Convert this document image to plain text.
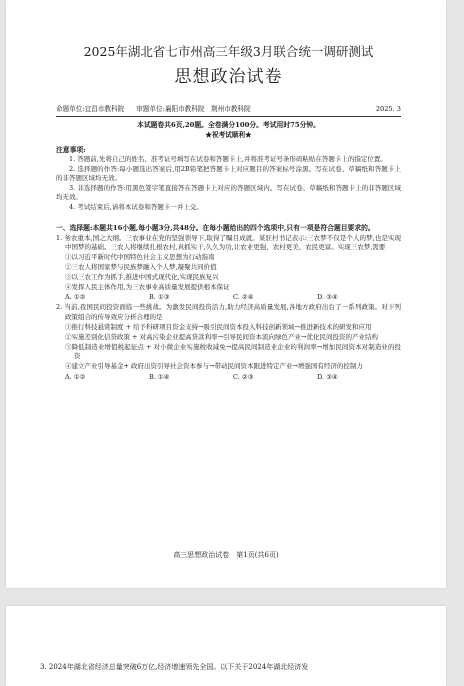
2025年湖北省七市州高三年级3月联合统一调研测试

思想政治试卷

命题单位:宜昌市教科院 审题单位:襄阳市教科院　荆州市教科院	2025. 3
本试题卷共6页,20题。全卷满分100分。考试用时75分钟。
★祝考试顺利★
注意事项:

1. 答题前,先将自己的姓名、准考证号填写在试卷和答题卡上,并将准考证号条形码粘贴在答题卡上的指定位置。

2. 选择题的作答:每小题选出答案后,用2B铅笔把答题卡上对应题目的答案标号涂黑。写在试卷、草稿纸和答题卡上的非答题区域均无效。

3. 非选择题的作答:用黑色签字笔直接答在答题卡上对应的答题区域内。写在试卷、草稿纸和答题卡上的非答题区域均无效。

4. 考试结束后,请将本试卷和答题卡一并上交。

一、选择题:本题共16小题,每小题3分,共48分。在每小题给出的四个选项中,只有一项是符合题目要求的。
1. 务农重本,国之大纲。三农事业在党的坚强领导下,取得了瞩目成就。某驻村书记表示:三农梦不仅是个人的梦,也是实现中国梦的基础。三农人将继续扎根农村,真抓实干,久久为功,让农业更强、农村更美、农民更富。实现三农梦,需要
①以习近平新时代中国特色社会主义思想为行动指南
②三农人将国家梦与民族梦融入个人梦,凝聚共同价值
③以三农工作为抓手,推进中国式现代化,实现民族复兴
④发挥人民主体作用,为三农事业高质量发展提供根本保证
A. ①②	B. ①③	C. ②④	D. ③④
2. 当前,我国民间投资面临一些挑战。为激发民间投资活力,助力经济高质量发展,各地方政府出台了一系列政策。对下列政策组合的传导效应分析合理的是
①推行科技悬赏制度 + 给予科研项目资金支持→吸引民间资本投入科技创新领域→推进新技术的研发和应用
②实施差别化信贷政策 + 对高污染企业提高贷款利率→引导民间资本流向绿色产业→优化民间投资的产业结构
③降低制造业增值税起征点 + 对小微企业实施税收减免→提高民间制造业企业的利润率→增加民间资本对制造业的投资
④建立产业引导基金+ 政府出资引导社会资本参与→带动民间资本跟进特定产业→增强国有经济的控制力
A. ①②	B. ①④	C. ②③	D. ③④
高三思想政治试卷　第1页(共6页)
3. 2024年湖北省经济总量突破6万亿,经济增速领先全国。以下关于2024年湖北经济发
